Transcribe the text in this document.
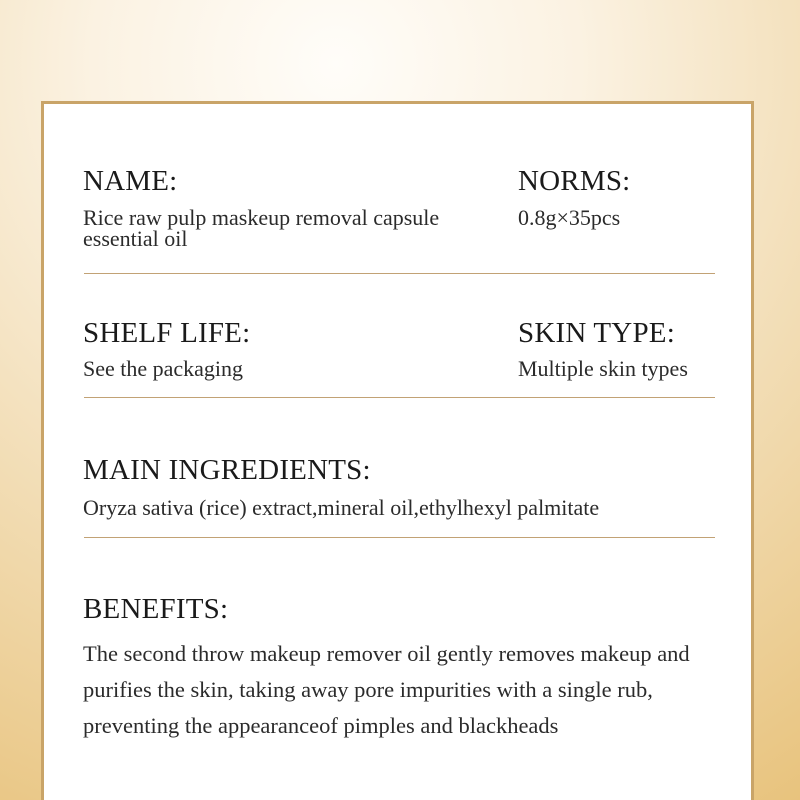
NAME:
Rice raw pulp maskeup removal capsule essential oil
NORMS:
0.8g×35pcs
SHELF LIFE:
See the packaging
SKIN TYPE:
Multiple skin types
MAIN INGREDIENTS:
Oryza sativa (rice) extract,mineral oil,ethylhexyl palmitate
BENEFITS:
The second throw makeup remover oil gently removes makeup and purifies the skin, taking away pore impurities with a single rub, preventing the appearanceof pimples and blackheads
